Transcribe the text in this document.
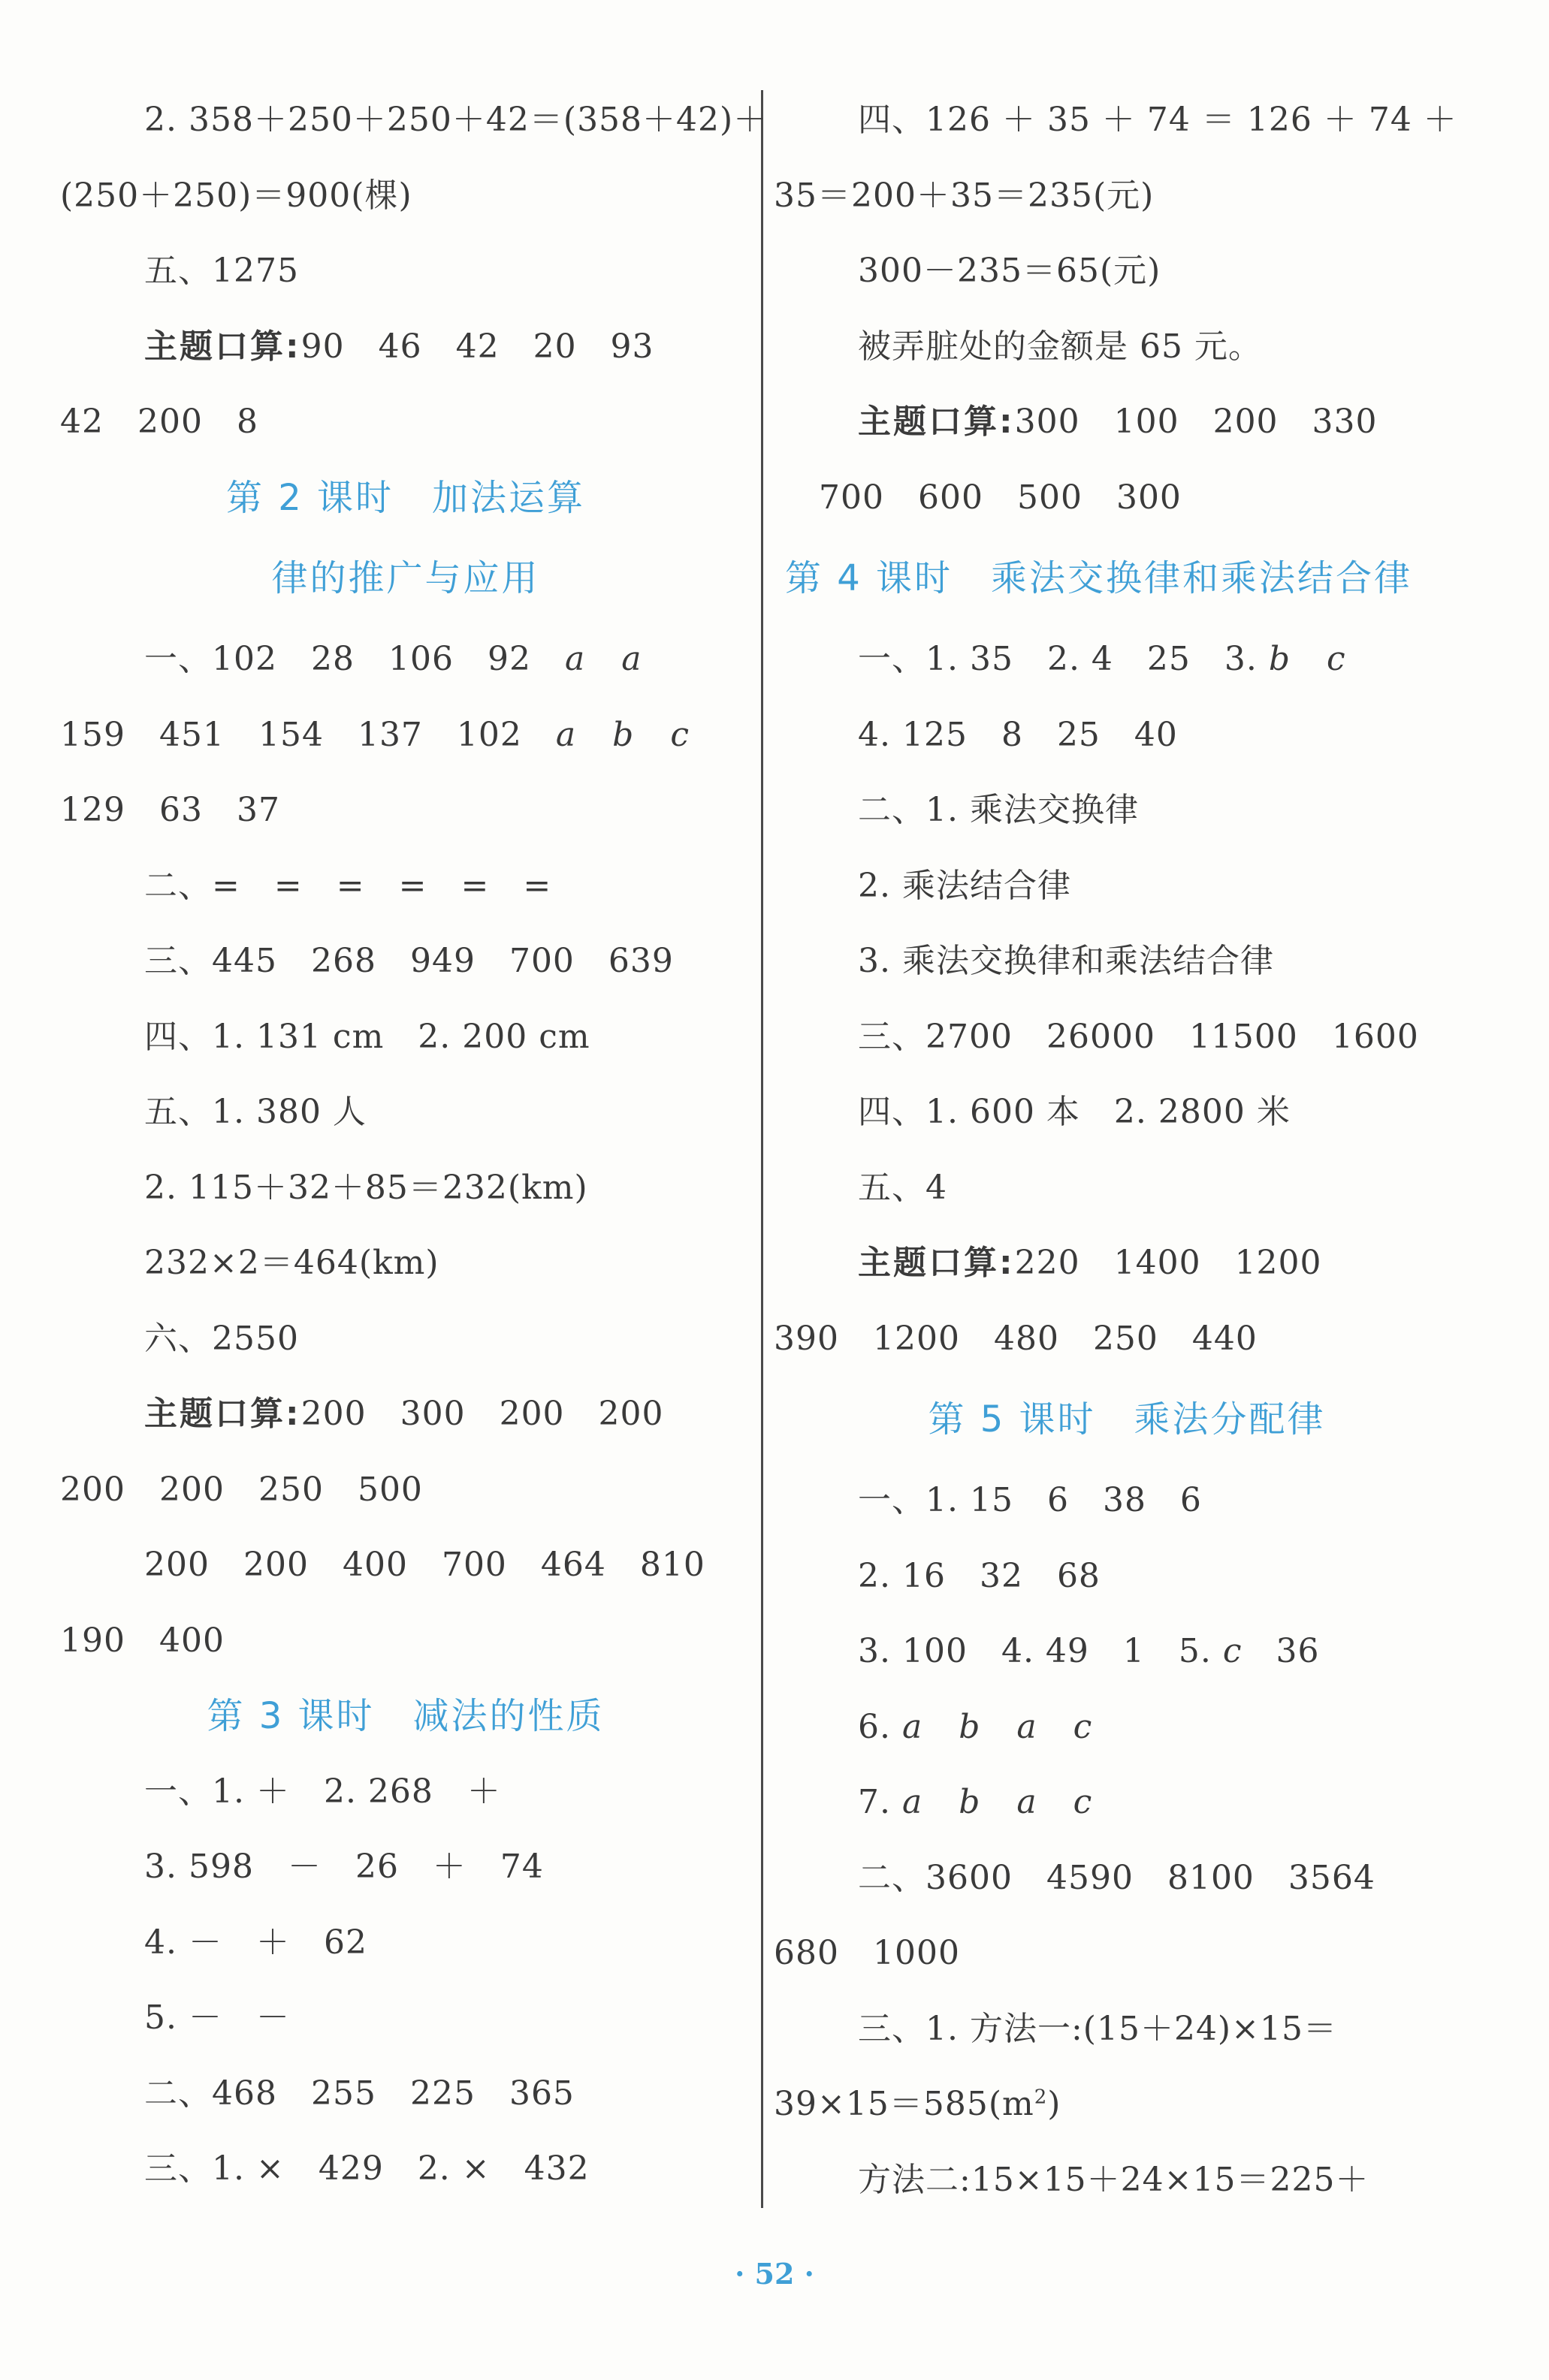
2. 358＋250＋250＋42＝(358＋42)＋
(250＋250)＝900(棵)
五、1275
主题口算:90　46　42　20　93
42　200　8
第 2 课时　加法运算
律的推广与应用
一、102　28　106　92　a a
159　451　154　137　102　a b c
129　63　37
二、=　=　=　=　=　=
三、445　268　949　700　639
四、1. 131 cm　2. 200 cm
五、1. 380 人
2. 115＋32＋85＝232(km)
232×2＝464(km)
六、2550
主题口算:200　300　200　200
200　200　250　500
200　200　400　700　464　810
190　400
第 3 课时　减法的性质
一、1. ＋　2. 268　＋
3. 598　－　26　＋　74
4. －　＋　62
5. －　－
二、468　255　225　365
三、1. ×　429　2. ×　432
四、126 ＋ 35 ＋ 74 ＝ 126 ＋ 74 ＋
35＝200＋35＝235(元)
300－235＝65(元)
被弄脏处的金额是 65 元。
主题口算:300　100　200　330
700　600　500　300
第 4 课时　乘法交换律和乘法结合律
一、1. 35　2. 4　25　3. b c
4. 125　8　25　40
二、1. 乘法交换律
2. 乘法结合律
3. 乘法交换律和乘法结合律
三、2700　26000　11500　1600
四、1. 600 本　2. 2800 米
五、4
主题口算:220　1400　1200
390　1200　480　250　440
第 5 课时　乘法分配律
一、1. 15　6　38　6
2. 16　32　68
3. 100　4. 49　1　5. c　36
6. a b a c
7. a b a c
二、3600　4590　8100　3564
680　1000
三、1. 方法一:(15＋24)×15＝
$39\times 15=585(m^2)$
方法二:15×15＋24×15＝225＋
· 52 ·
